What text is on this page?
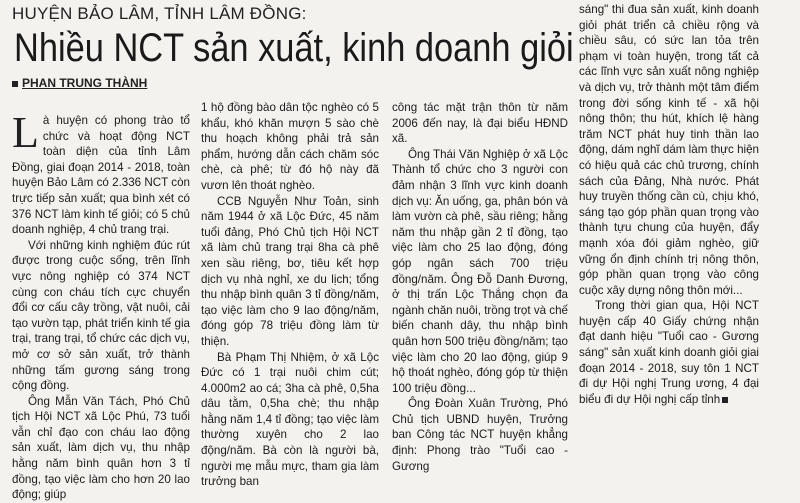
HUYỆN BẢO LÂM, TỈNH LÂM ĐỒNG:
Nhiều NCT sản xuất, kinh doanh giỏi
PHAN TRUNG THÀNH

Là huyện có phong trào tổ chức và hoạt động NCT toàn diện của tỉnh Lâm Đồng, giai đoạn 2014 - 2018, toàn huyện Bảo Lâm có 2.336 NCT còn trực tiếp sản xuất; qua bình xét có 376 NCT làm kinh tế giỏi; có 5 chủ doanh nghiệp, 4 chủ trang trại.

Với những kinh nghiệm đúc rút được trong cuộc sống, trên lĩnh vực nông nghiệp có 374 NCT cùng con cháu tích cực chuyển đổi cơ cấu cây trồng, vật nuôi, cải tạo vườn tạp, phát triển kinh tế gia trại, trang trại, tổ chức các dịch vụ, mở cơ sở sản xuất, trở thành những tấm gương sáng trong cộng đồng.

Ông Mẫn Văn Tách, Phó Chủ tịch Hội NCT xã Lộc Phú, 73 tuổi vẫn chỉ đạo con cháu lao động sản xuất, làm dịch vụ, thu nhập hằng năm bình quân hơn 3 tỉ đồng, tạo việc làm cho hơn 20 lao động; giúp

1 hộ đồng bào dân tộc nghèo có 5 khẩu, khó khăn mượn 5 sào chè thu hoạch không phải trả sản phẩm, hướng dẫn cách chăm sóc chè, cà phê; từ đó hộ này đã vươn lên thoát nghèo.

CCB Nguyễn Như Toản, sinh năm 1944 ở xã Lộc Đức, 45 năm tuổi đảng, Phó Chủ tịch Hội NCT xã làm chủ trang trại 8ha cà phê xen sầu riêng, bơ, tiêu kết hợp dịch vụ nhà nghỉ, xe du lịch; tổng thu nhập bình quân 3 tỉ đồng/năm, tạo việc làm cho 9 lao động/năm, đóng góp 78 triệu đồng làm từ thiện.

Bà Phạm Thị Nhiệm, ở xã Lộc Đức có 1 trại nuôi chim cút; 4.000m2 ao cá; 3ha cà phê, 0,5ha dâu tằm, 0,5ha chè; thu nhập hằng năm 1,4 tỉ đồng; tạo việc làm thường xuyên cho 2 lao động/năm. Bà còn là người bà, người mẹ mẫu mực, tham gia làm trưởng ban

công tác mặt trận thôn từ năm 2006 đến nay, là đại biểu HĐND xã.

Ông Thái Văn Nghiệp ở xã Lộc Thành tổ chức cho 3 người con đảm nhận 3 lĩnh vực kinh doanh dịch vụ: Ăn uống, ga, phân bón và làm vườn cà phê, sầu riêng; hằng năm thu nhập gần 2 tỉ đồng, tạo việc làm cho 25 lao động, đóng góp ngân sách 700 triệu đồng/năm. Ông Đỗ Danh Đương, ở thị trấn Lộc Thắng chọn đa ngành chăn nuôi, trồng trọt và chế biến chanh dây, thu nhập bình quân hơn 500 triệu đồng/năm; tạo việc làm cho 20 lao động, giúp 9 hộ thoát nghèo, đóng góp từ thiện 100 triệu đồng...

Ông Đoàn Xuân Trường, Phó Chủ tịch UBND huyện, Trưởng ban Công tác NCT huyện khẳng định: Phong trào "Tuổi cao - Gương

sáng" thi đua sản xuất, kinh doanh giỏi phát triển cả chiều rộng và chiều sâu, có sức lan tỏa trên phạm vi toàn huyện, trong tất cả các lĩnh vực sản xuất nông nghiệp và dịch vụ, trở thành một tâm điểm trong đời sống kinh tế - xã hội nông thôn; thu hút, khích lệ hàng trăm NCT phát huy tinh thần lao động, dám nghĩ dám làm thực hiện có hiệu quả các chủ trương, chính sách của Đảng, Nhà nước. Phát huy truyền thống cần cù, chịu khó, sáng tạo góp phần quan trọng vào thành tựu chung của huyện, đẩy mạnh xóa đói giảm nghèo, giữ vững ổn định chính trị nông thôn, góp phần quan trọng vào công cuộc xây dựng nông thôn mới...

Trong thời gian qua, Hội NCT huyện cấp 40 Giấy chứng nhận đạt danh hiệu "Tuổi cao - Gương sáng" sản xuất kinh doanh giỏi giai đoạn 2014 - 2018, suy tôn 1 NCT đi dự Hội nghị Trung ương, 4 đại biểu đi dự Hội nghị cấp tỉnh
